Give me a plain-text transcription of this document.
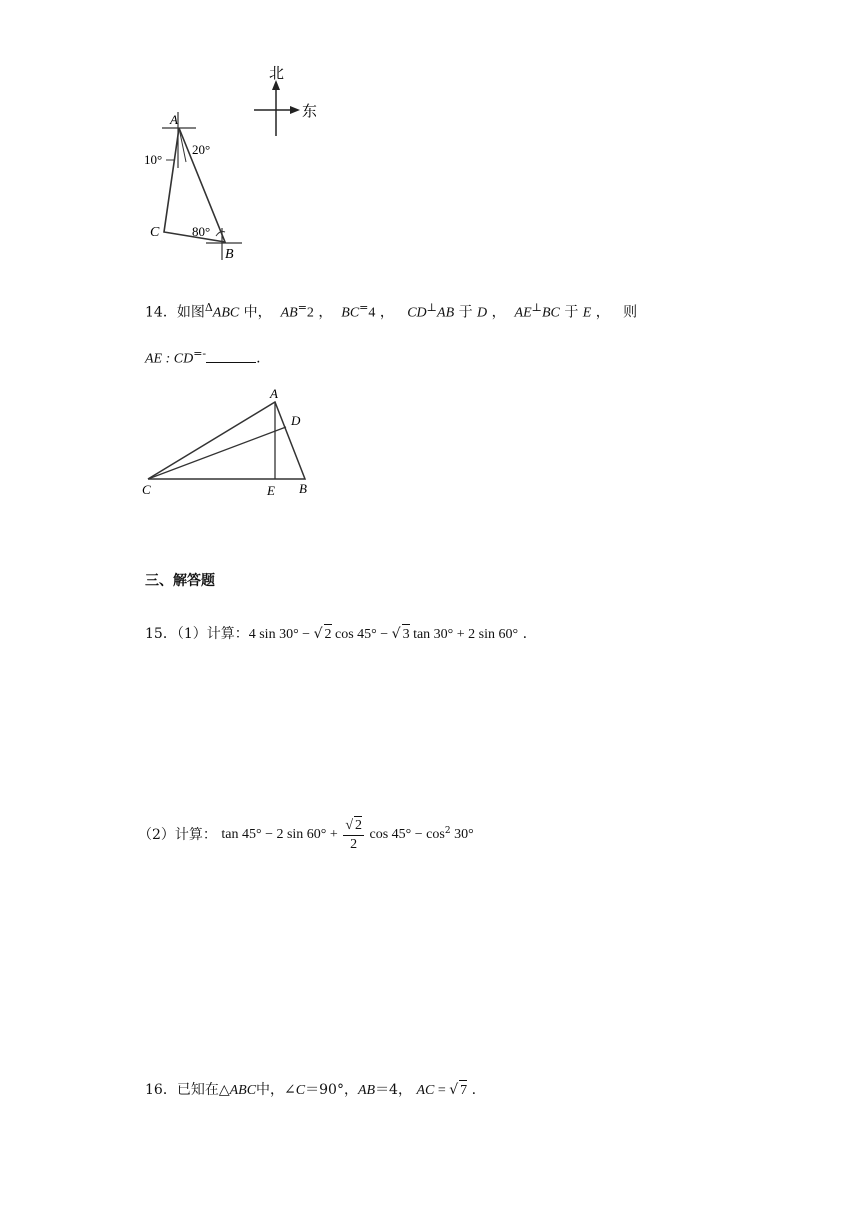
北
东
A
C
B
10°
20°
80°
14．如图$^\Delta$ABC 中， AB=2 ， BC=4 ， CD⊥AB 于 D ， AE⊥BC 于 E ， 则
AE : CD=-	.
A
D
C	E B
三、解答题
15．（1）计算：4 sin 30° − √ 2 cos 45° − √ 3 tan 30° + 2 sin 60° .
（2）计算： tan 45° − 2 $\sin 60^\circ + \frac{√ 2}{2}$ $\cos 45^\circ - \cos^2 30^\circ$
16．已知在△ABC中，∠C＝90°，AB＝4， AC = √ 7 .
